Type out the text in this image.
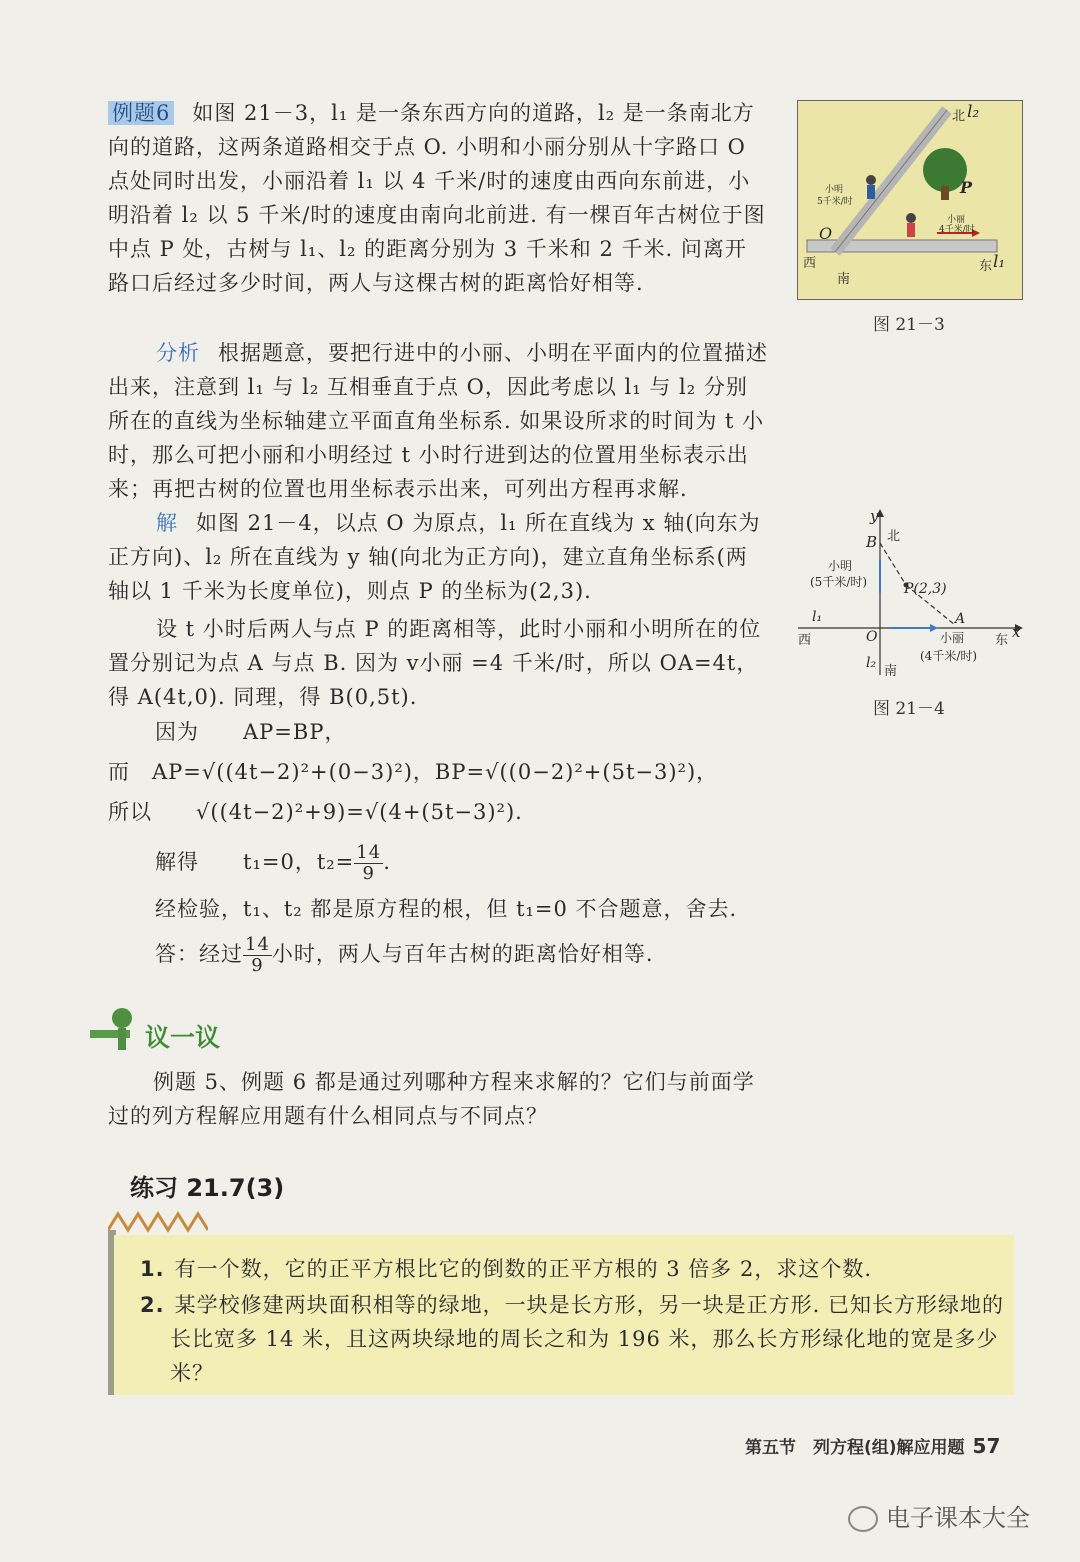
例题6 如图 21－3，l₁ 是一条东西方向的道路，l₂ 是一条南北方向的道路，这两条道路相交于点 O. 小明和小丽分别从十字路口 O 点处同时出发，小丽沿着 l₁ 以 4 千米/时的速度由西向东前进，小明沿着 l₂ 以 5 千米/时的速度由南向北前进. 有一棵百年古树位于图中点 P 处，古树与 l₁、l₂ 的距离分别为 3 千米和 2 千米. 问离开路口后经过多少时间，两人与这棵古树的距离恰好相等.

北 l₂
P
小明
5千米/时
小丽
4千米/时
O
西
南
东 l₁
图 21－3

分析 根据题意，要把行进中的小丽、小明在平面内的位置描述出来，注意到 l₁ 与 l₂ 互相垂直于点 O，因此考虑以 l₁ 与 l₂ 分别所在的直线为坐标轴建立平面直角坐标系. 如果设所求的时间为 t 小时，那么可把小丽和小明经过 t 小时行进到达的位置用坐标表示出来；再把古树的位置也用坐标表示出来，可列出方程再求解.

解 如图 21－4，以点 O 为原点，l₁ 所在直线为 x 轴(向东为正方向)、l₂ 所在直线为 y 轴(向北为正方向)，建立直角坐标系(两轴以 1 千米为长度单位)，则点 P 的坐标为(2,3).

y
北
B
小明
(5千米/时)	P(2,3)
l₁
西	O
A
小丽 东 x
(4千米/时)
l₂
南
图 21－4

设 t 小时后两人与点 P 的距离相等，此时小丽和小明所在的位置分别记为点 A 与点 B. 因为 v小丽 =4 千米/时，所以 OA=4t，得 A(4t,0). 同理，得 B(0,5t).

因为　　AP=BP，
而　AP=√((4t−2)²+(0−3)²)，BP=√((0−2)²+(5t−3)²)，
所以　　√((4t−2)²+9)=√(4+(5t−3)²).
解得　　t₁=0，$t_2= \frac{14}{9}$ .
经检验，t₁、t₂ 都是原方程的根，但 t₁=0 不合题意，舍去.
答：经过 $\frac{14}{9}$ 小时，两人与百年古树的距离恰好相等.
议一议

例题 5、例题 6 都是通过列哪种方程来求解的？它们与前面学过的列方程解应用题有什么相同点与不同点？

练习 21.7(3)
1. 有一个数，它的正平方根比它的倒数的正平方根的 3 倍多 2，求这个数.
2. 某学校修建两块面积相等的绿地，一块是长方形，另一块是正方形. 已知长方形绿地的长比宽多 14 米，且这两块绿地的周长之和为 196 米，那么长方形绿化地的宽是多少米？
第五节　列方程(组)解应用题 57
电子课本大全
